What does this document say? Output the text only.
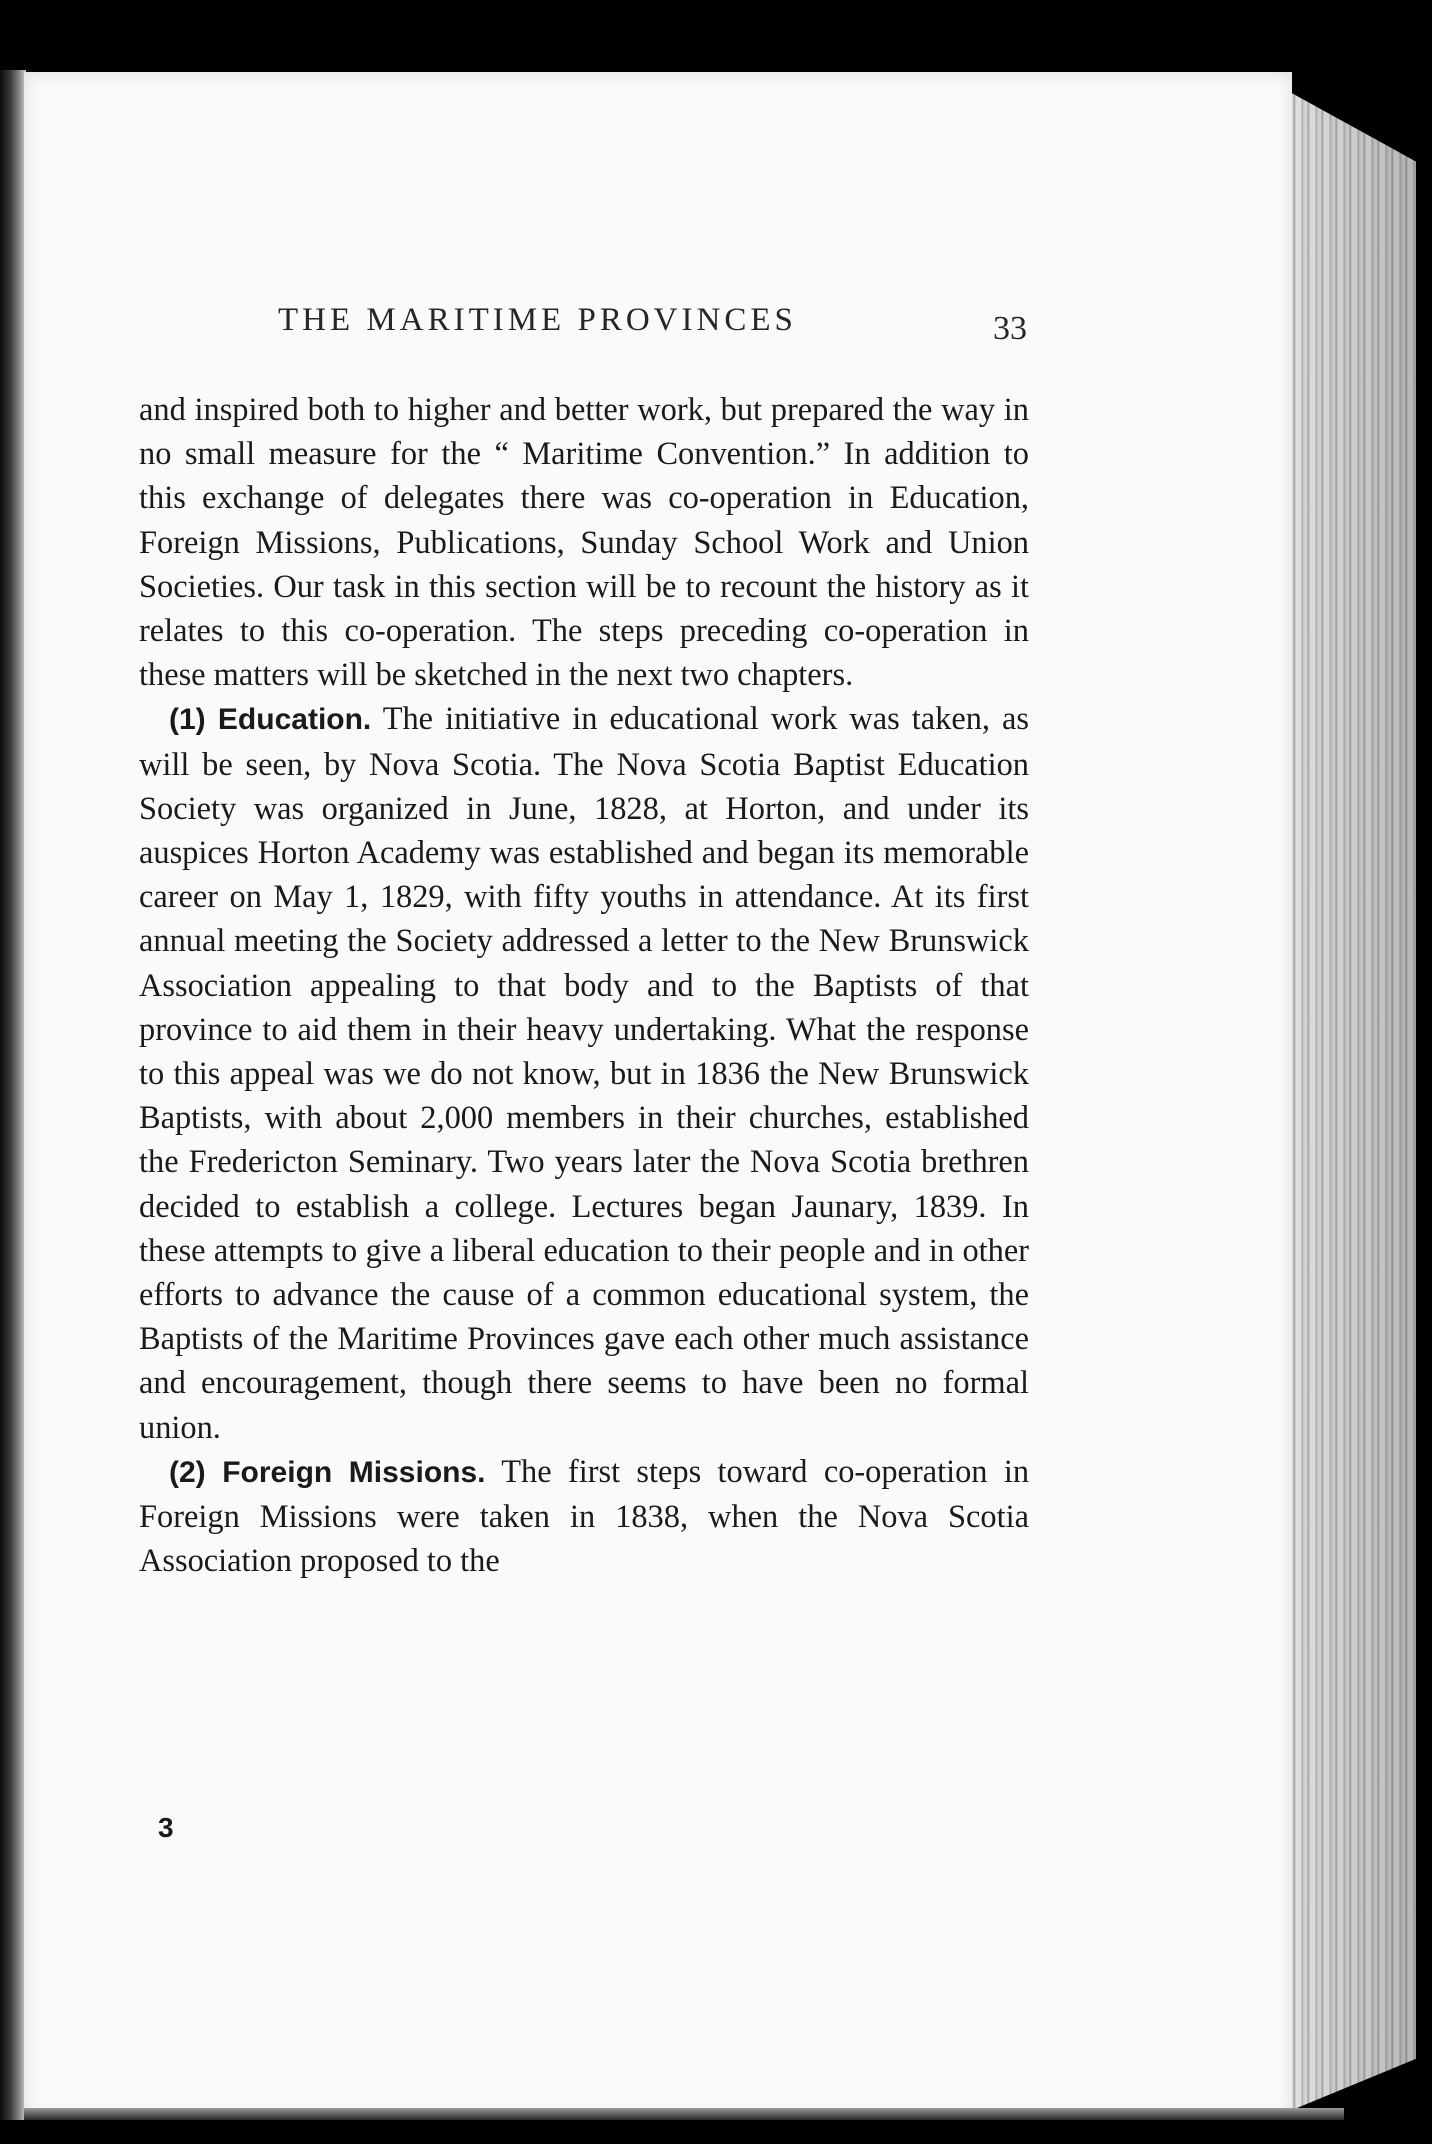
THE MARITIME PROVINCES	33

and inspired both to higher and better work, but prepared the way in no small measure for the “ Maritime Convention.” In addition to this exchange of delegates there was co-operation in Education, Foreign Missions, Publications, Sunday School Work and Union Societies. Our task in this section will be to recount the history as it relates to this co-operation. The steps preceding co-operation in these matters will be sketched in the next two chapters.

(1) Education. The initiative in educational work was taken, as will be seen, by Nova Scotia. The Nova Scotia Baptist Education Society was organized in June, 1828, at Horton, and under its auspices Horton Academy was established and began its memorable career on May 1, 1829, with fifty youths in attendance. At its first annual meeting the Society addressed a letter to the New Brunswick Association appealing to that body and to the Baptists of that province to aid them in their heavy undertaking. What the response to this appeal was we do not know, but in 1836 the New Brunswick Baptists, with about 2,000 members in their churches, established the Fredericton Seminary. Two years later the Nova Scotia brethren decided to establish a college. Lectures began Jaunary, 1839. In these attempts to give a liberal education to their people and in other efforts to advance the cause of a common educational system, the Baptists of the Maritime Provinces gave each other much assistance and encouragement, though there seems to have been no formal union.

(2) Foreign Missions. The first steps toward co-operation in Foreign Missions were taken in 1838, when the Nova Scotia Association proposed to the

3
